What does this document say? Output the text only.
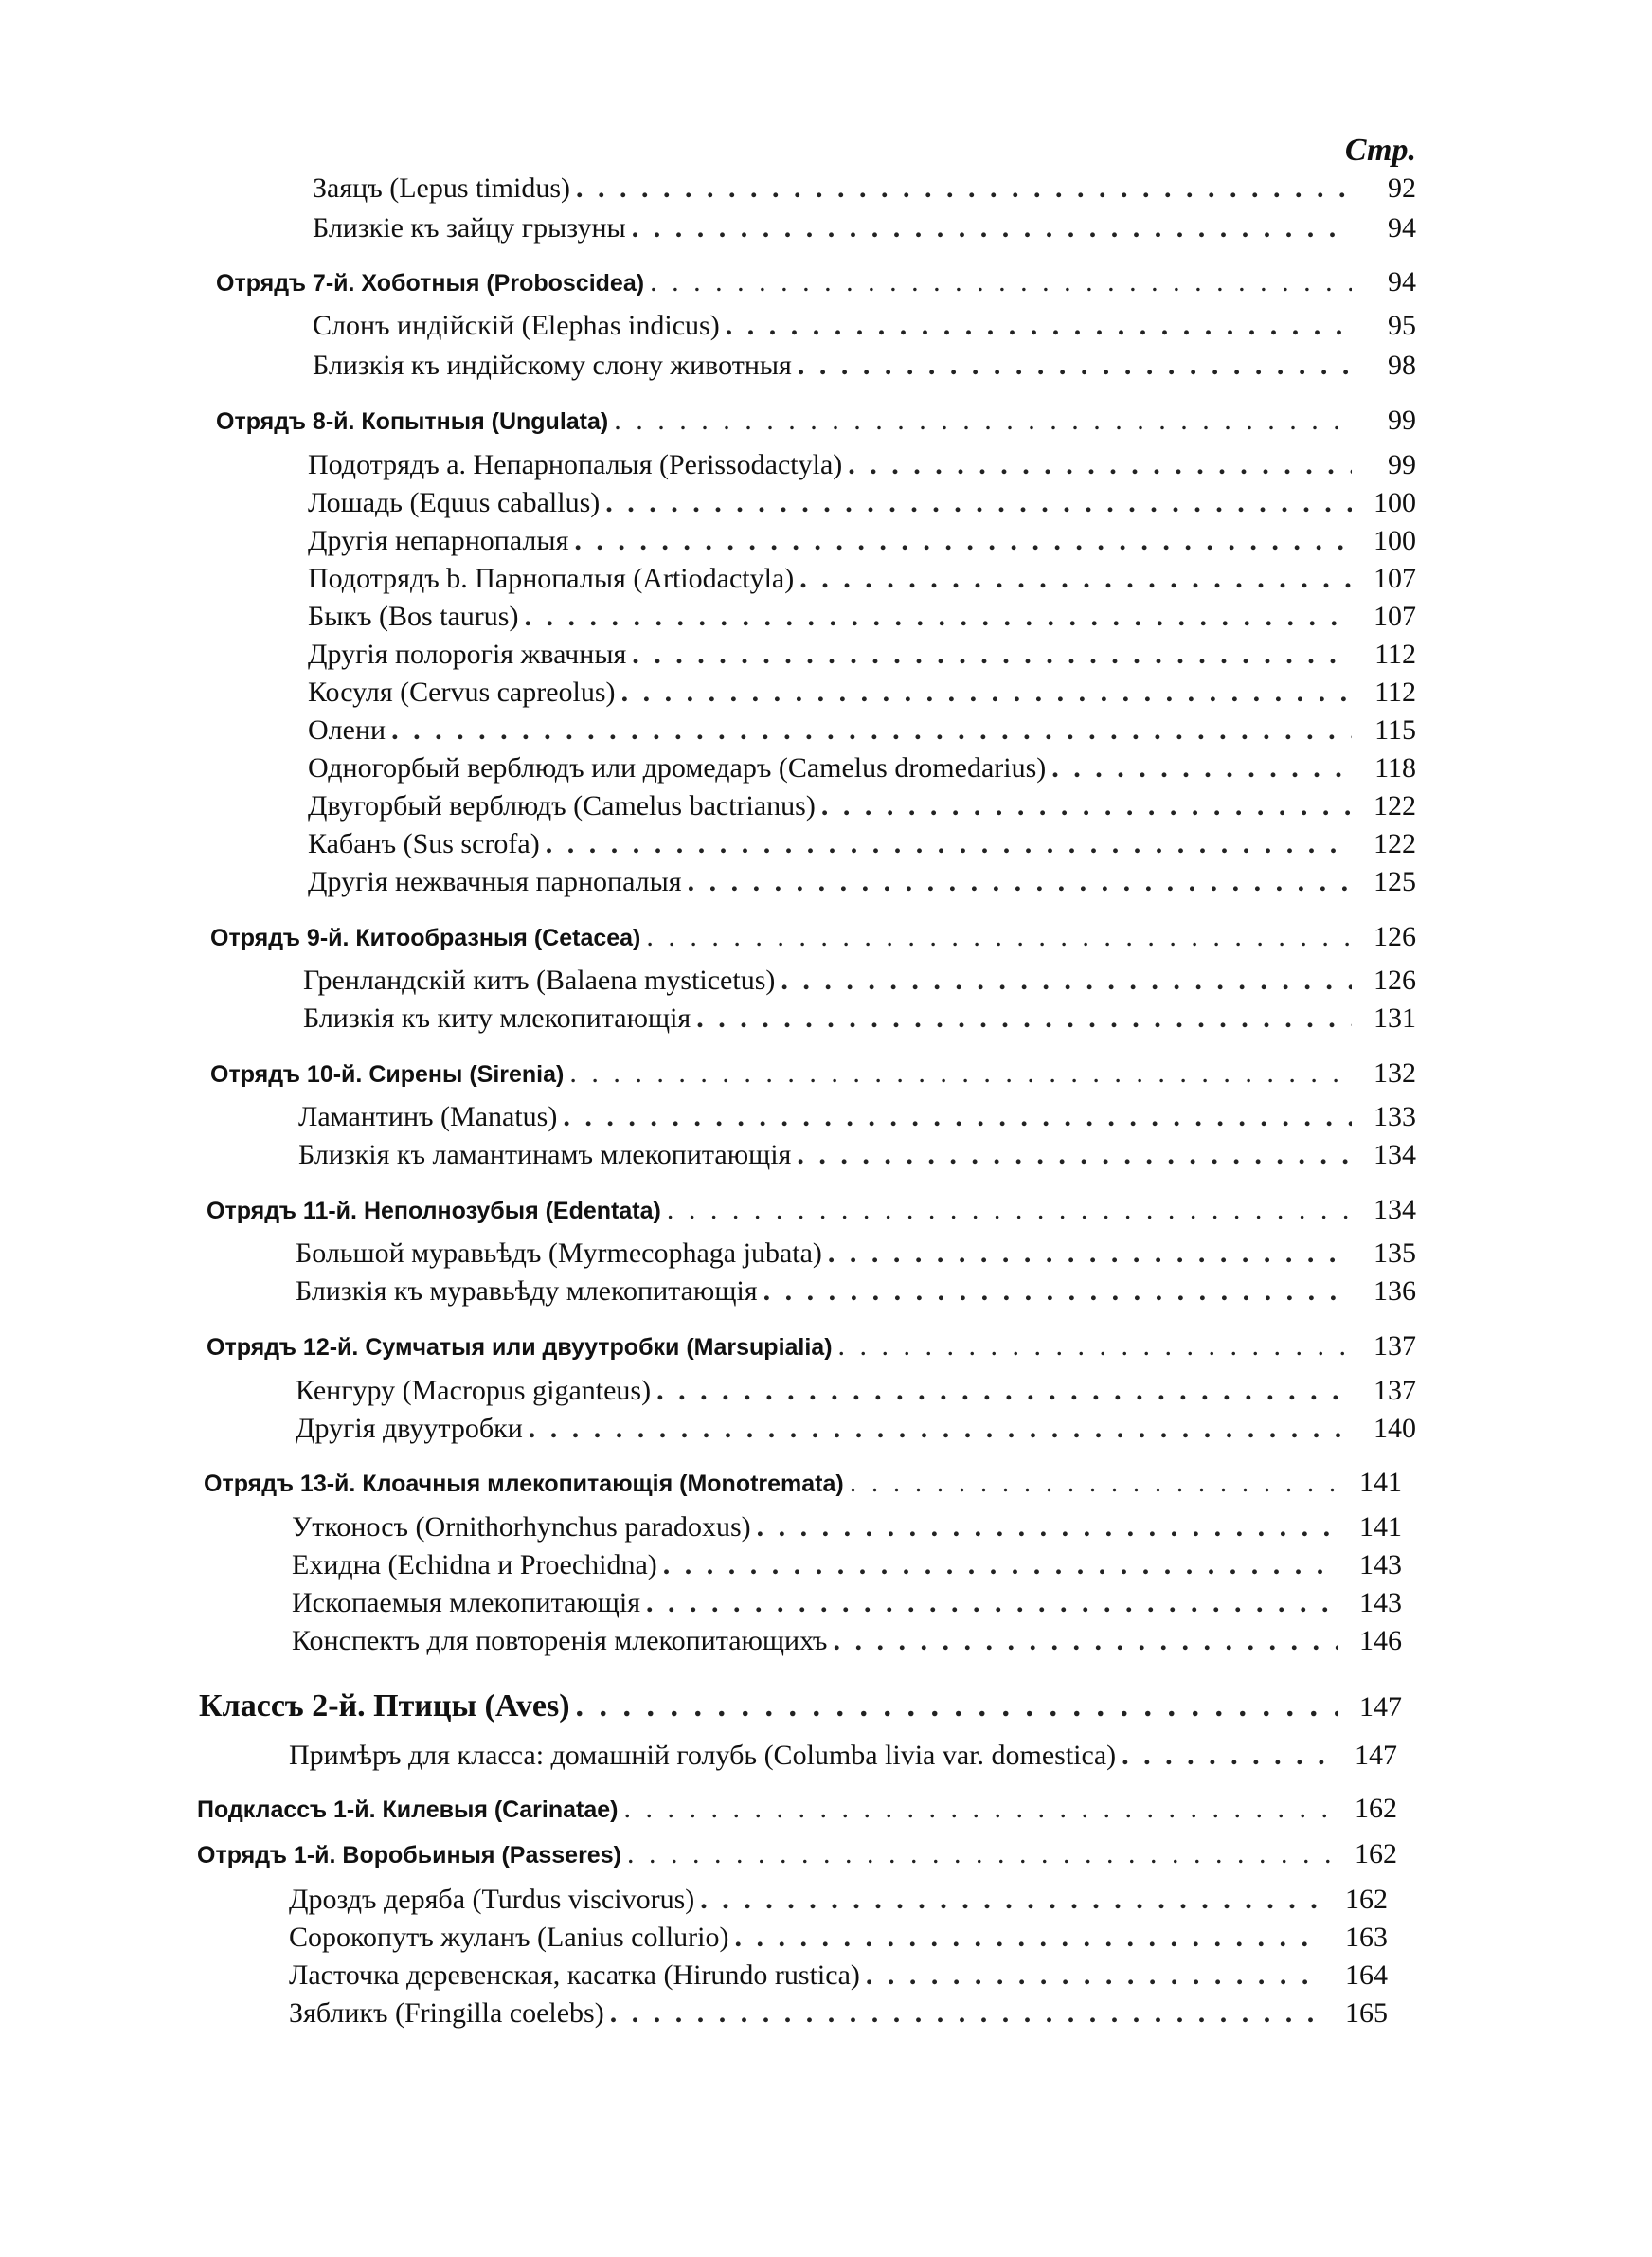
Стр.
Заяцъ (Lepus timidus) . . .	92
Близкіе къ зайцу грызуны . . .	94
Отрядъ 7-й. Хоботныя (Proboscidea) . . .	94
Слонъ индійскій (Elephas indicus) . . .	95
Близкія къ индійскому слону животныя . . .	98
Отрядъ 8-й. Копытныя (Ungulata) . . .	99
Подотрядъ a. Непарнопалыя (Perissodactyla) . . .	99
Лошадь (Equus caballus) . . .	100
Другія непарнопалыя . . .	100
Подотрядъ b. Парнопалыя (Artiodactyla) . . .	107
Быкъ (Bos taurus) . . .	107
Другія полорогія жвачныя . . .	112
Косуля (Cervus capreolus) . . .	112
Олени . . .	115
Одногорбый верблюдъ или дромедаръ (Camelus dromedarius) . . .	118
Двугорбый верблюдъ (Camelus bactrianus) . . .	122
Кабанъ (Sus scrofa) . . .	122
Другія нежвачныя парнопалыя . . .	125
Отрядъ 9-й. Китообразныя (Cetacea) . . .	126
Гренландскій китъ (Balaena mysticetus) . . .	126
Близкія къ киту млекопитающія . . .	131
Отрядъ 10-й. Сирены (Sirenia) . . .	132
Ламантинъ (Manatus) . . .	133
Близкія къ ламантинамъ млекопитающія . . .	134
Отрядъ 11-й. Неполнозубыя (Edentata) . . .	134
Большой муравьѣдъ (Myrmecophaga jubata) . . .	135
Близкія къ муравьѣду млекопитающія . . .	136
Отрядъ 12-й. Сумчатыя или двуутробки (Marsupialia) . . .	137
Кенгуру (Macropus giganteus) . . .	137
Другія двуутробки . . .	140
Отрядъ 13-й. Клоачныя млекопитающія (Monotremata) . . .	141
Утконосъ (Ornithorhynchus paradoxus) . . .	141
Ехидна (Echidna и Proechidna) . . .	143
Ископаемыя млекопитающія . . .	143
Конспектъ для повторенія млекопитающихъ . . .	146
Классъ 2-й. Птицы (Aves) . . .	147
Примѣръ для класса: домашній голубь (Columba livia var. domestica) . . .	147
Подклассъ 1-й. Килевыя (Carinatae) . . .	162
Отрядъ 1-й. Воробьиныя (Passeres) . . .	162
Дроздъ деряба (Turdus viscivorus) . . .	162
Сорокопутъ жуланъ (Lanius collurio) . . .	163
Ласточка деревенская, касатка (Hirundo rustica) . . .	164
Зябликъ (Fringilla coelebs) . . .	165
